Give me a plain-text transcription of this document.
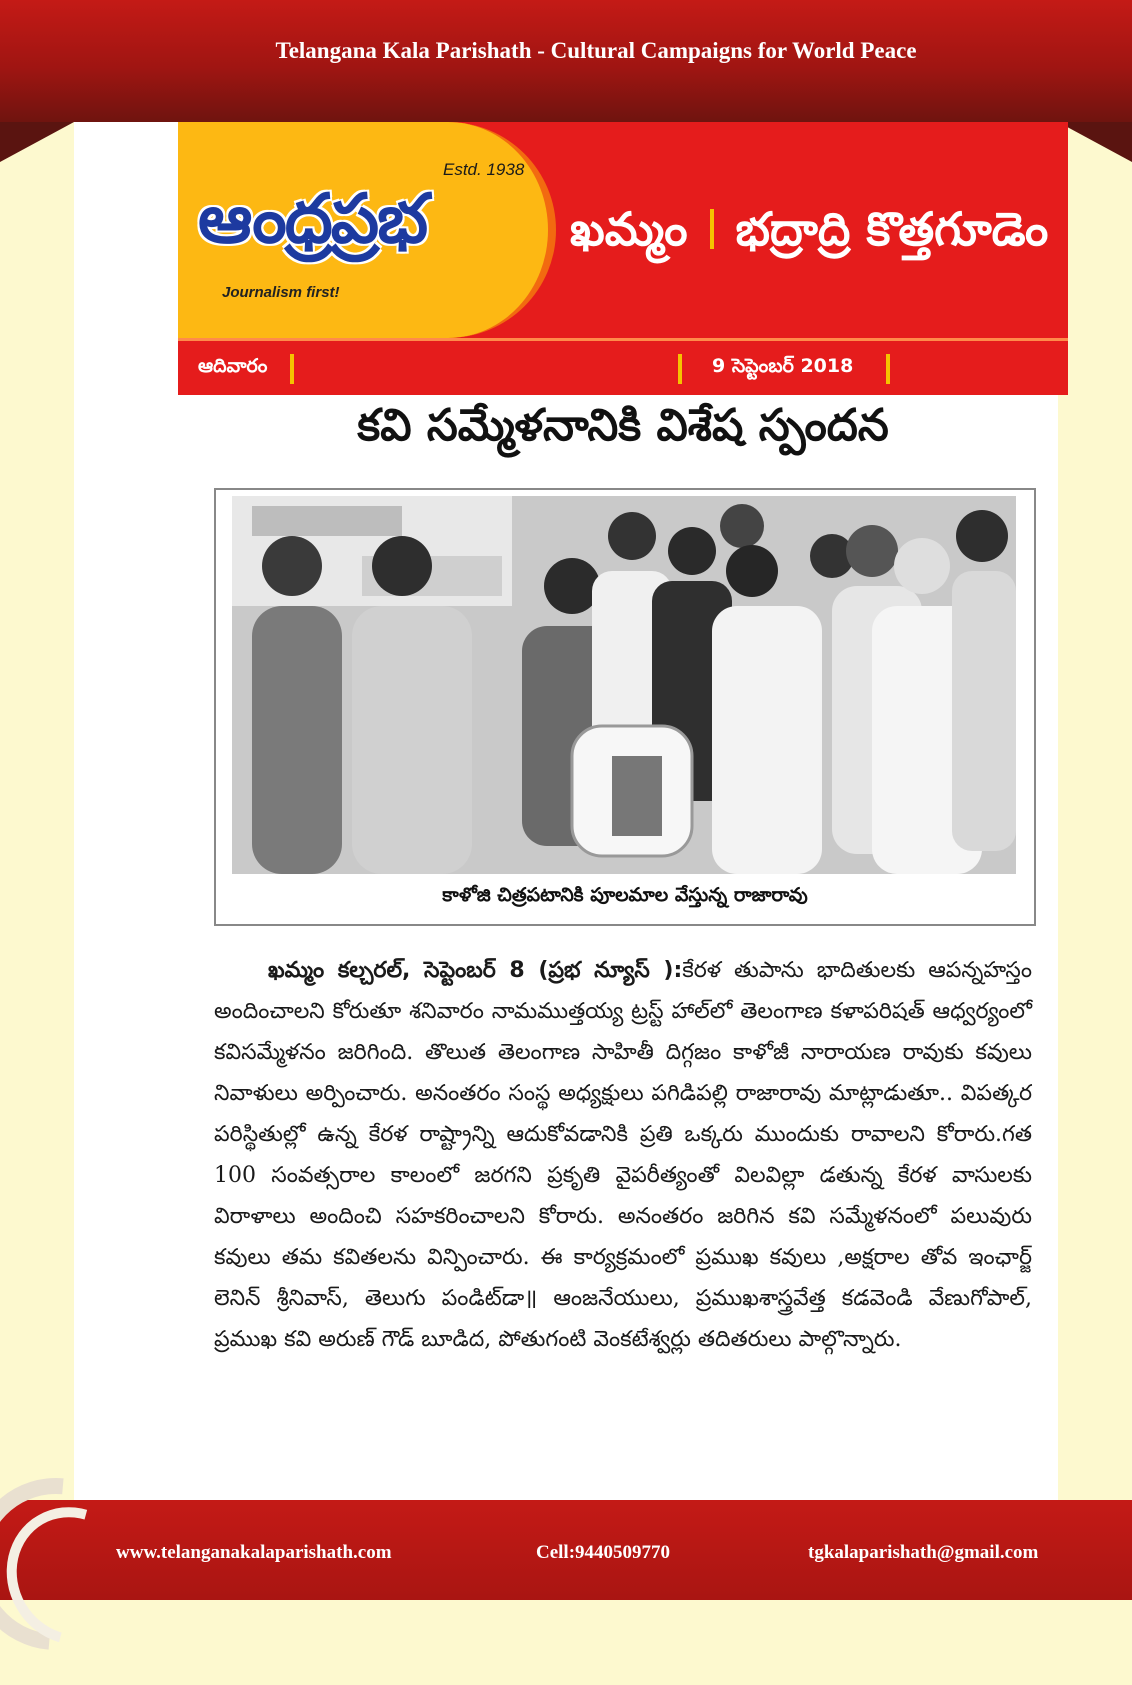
Telangana Kala Parishath - Cultural Campaigns for World Peace
Estd. 1938
ఆంధ్రప్రభ
Journalism first!
ఖమ్మం భద్రాద్రి కొత్తగూడెం
ఆదివారం	9 సెప్టెంబర్ 2018
కవి సమ్మేళనానికి విశేష స్పందన
కాళోజి చిత్రపటానికి పూలమాల వేస్తున్న రాజారావు

ఖమ్మం కల్చరల్, సెప్టెంబర్ 8 (ప్రభ న్యూస్ ):కేరళ తుపాను భాదితులకు ఆపన్నహస్తం అందించాలని కోరుతూ శనివారం నామముత్తయ్య ట్రస్ట్ హాల్‌లో తెలంగాణ కళాపరిషత్ ఆధ్వర్యంలో కవిసమ్మేళనం జరిగింది. తొలుత తెలంగాణ సాహితీ దిగ్గజం కాళోజీ నారాయణ రావుకు కవులు నివాళులు అర్పించారు. అనంతరం సంస్థ అధ్యక్షులు పగిడిపల్లి రాజారావు మాట్లాడుతూ.. విపత్కర పరిస్థితుల్లో ఉన్న కేరళ రాష్ట్రాన్ని ఆదుకోవడానికి ప్రతి ఒక్కరు ముందుకు రావాలని కోరారు.గత 100 సంవత్సరాల కాలంలో జరగని ప్రకృతి వైపరీత్యంతో విలవిల్లా డతున్న కేరళ వాసులకు విరాళాలు అందించి సహకరించాలని కోరారు. అనంతరం జరిగిన కవి సమ్మేళనంలో పలువురు కవులు తమ కవితలను విన్పించారు. ఈ కార్యక్రమంలో ప్రముఖ కవులు ,అక్షరాల తోవ ఇంఛార్జ్ లెనిన్ శ్రీనివాస్, తెలుగు పండిట్‌డా॥ ఆంజనేయులు, ప్రముఖశాస్త్రవేత్త కడవెండి వేణుగోపాల్, ప్రముఖ కవి అరుణ్ గౌడ్ బూడిద, పోతుగంటి వెంకటేశ్వర్లు తదితరులు పాల్గొన్నారు.

www.telanganakalaparishath.com	Cell:9440509770	tgkalaparishath@gmail.com
